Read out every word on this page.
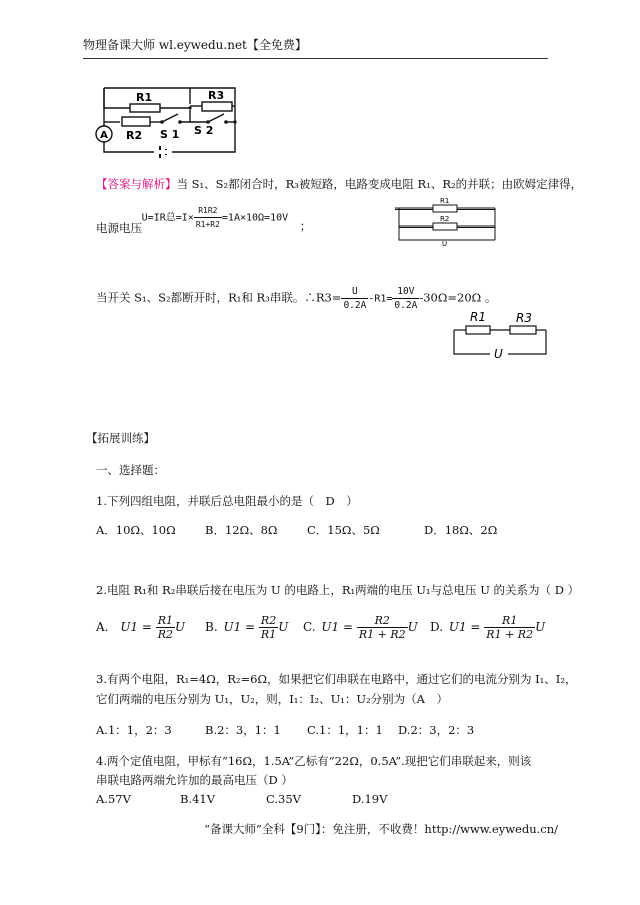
物理备课大师 wl.eywedu.net【全免费】
A
R1
R2
R3
S 1 S 2
【答案与解析】当 S₁、S₂都闭合时，R₃被短路，电路变成电阻 R₁、R₂的并联；由欧姆定律得，
电源电压 U=IR总$=I\times \frac{R1R2}{R1+R2} =1A\times 10\Omega=10V$ ；
R1
R2
U
当开关 S₁、S₂都断开时，R₁和 R₃串联。∴R3= $\frac{U}{0.2A} -R1= \frac{10V}{0.2A} -30\Omega=20\Omega$ 。
R1	R3
U
【拓展训练】
一、选择题：
1.下列四组电阻，并联后总电阻最小的是（　D　）
A．10Ω、10Ω	B．12Ω、8Ω	C．15Ω、5Ω	D．18Ω、2Ω
2.电阻 R₁和 R₂串联后接在电压为 U 的电路上，R₁两端的电压 U₁与总电压 U 的关系为（ D ）
A. $U1 = \frac{R1}{R2}$ U B. $U1 = \frac{R2}{R1}$ U C. $U1 = \frac{R2}{R1 + R2}$ U D. $U1 = \frac{R1}{R1 + R2}$ U
3.有两个电阻，R₁=4Ω，R₂=6Ω，如果把它们串联在电路中，通过它们的电流分别为 I₁、I₂，
它们两端的电压分别为 U₁，U₂，则，I₁：I₂、U₁：U₂分别为（A　）
A.1：1，2：3	B.2：3，1：1 C.1：1，1：1 D.2：3，2：3
4.两个定值电阻，甲标有“16Ω，1.5A”乙标有“22Ω，0.5A”.现把它们串联起来，则该
串联电路两端允许加的最高电压（D ）
A.57V	B.41V	C.35V	D.19V
“备课大师”全科【9门】：免注册，不收费！http://www.eywedu.cn/
